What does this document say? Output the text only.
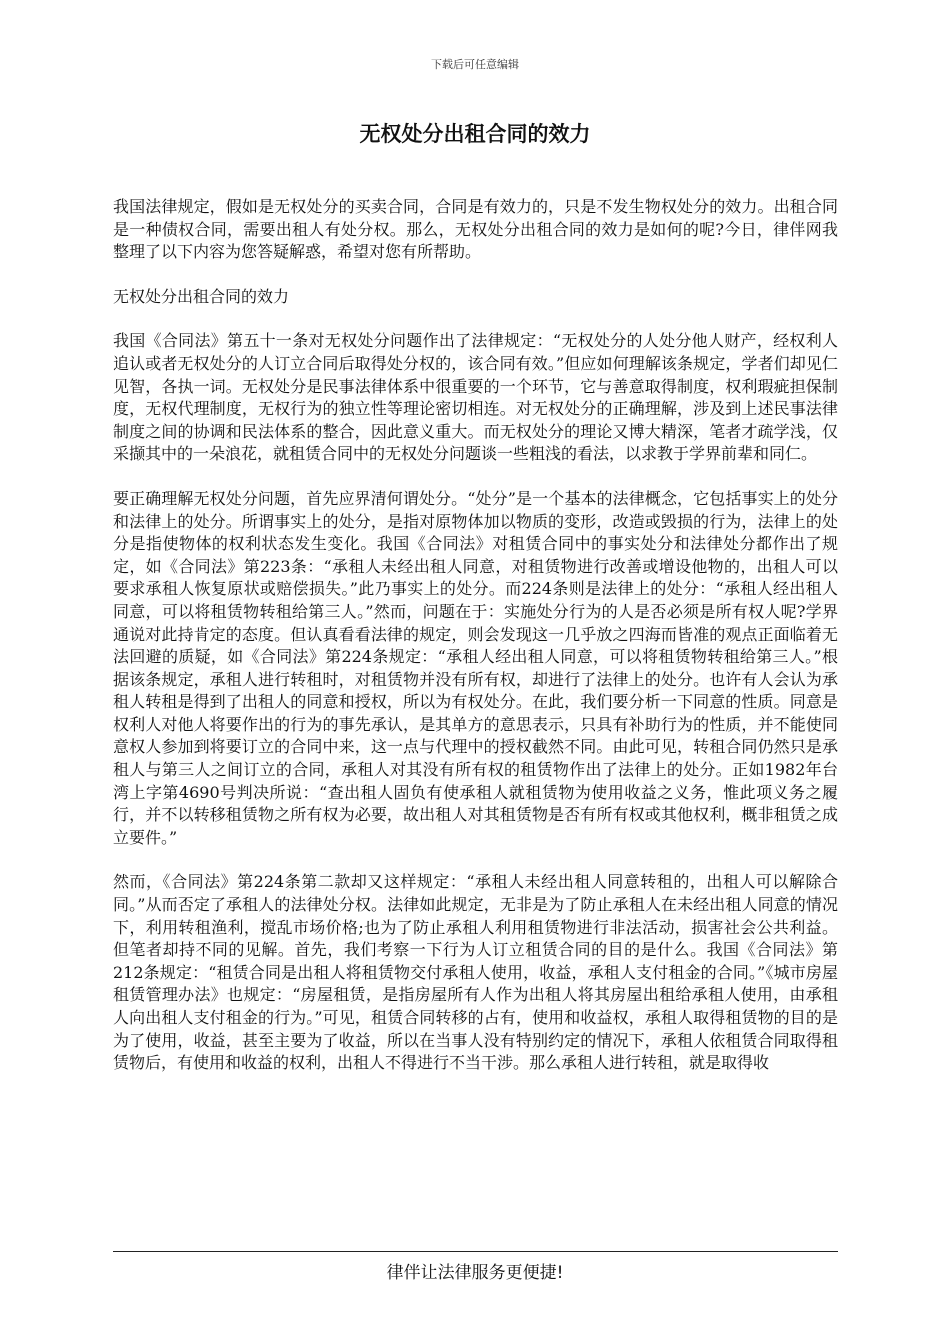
下载后可任意编辑
无权处分出租合同的效力

我国法律规定，假如是无权处分的买卖合同，合同是有效力的，只是不发生物权处分的效力。出租合同是一种债权合同，需要出租人有处分权。那么，无权处分出租合同的效力是如何的呢?今日，律伴网我整理了以下内容为您答疑解惑，希望对您有所帮助。

无权处分出租合同的效力

我国《合同法》第五十一条对无权处分问题作出了法律规定：“无权处分的人处分他人财产，经权利人追认或者无权处分的人订立合同后取得处分权的，该合同有效。”但应如何理解该条规定，学者们却见仁见智，各执一词。无权处分是民事法律体系中很重要的一个环节，它与善意取得制度，权利瑕疵担保制度，无权代理制度，无权行为的独立性等理论密切相连。对无权处分的正确理解，涉及到上述民事法律制度之间的协调和民法体系的整合，因此意义重大。而无权处分的理论又博大精深，笔者才疏学浅，仅采撷其中的一朵浪花，就租赁合同中的无权处分问题谈一些粗浅的看法，以求教于学界前辈和同仁。

要正确理解无权处分问题，首先应界清何谓处分。“处分”是一个基本的法律概念，它包括事实上的处分和法律上的处分。所谓事实上的处分，是指对原物体加以物质的变形，改造或毁损的行为，法律上的处分是指使物体的权利状态发生变化。我国《合同法》对租赁合同中的事实处分和法律处分都作出了规定，如《合同法》第223条：“承租人未经出租人同意，对租赁物进行改善或增设他物的，出租人可以要求承租人恢复原状或赔偿损失。”此乃事实上的处分。而224条则是法律上的处分：“承租人经出租人同意，可以将租赁物转租给第三人。”然而，问题在于：实施处分行为的人是否必须是所有权人呢?学界通说对此持肯定的态度。但认真看看法律的规定，则会发现这一几乎放之四海而皆准的观点正面临着无法回避的质疑，如《合同法》第224条规定：“承租人经出租人同意，可以将租赁物转租给第三人。”根据该条规定，承租人进行转租时，对租赁物并没有所有权，却进行了法律上的处分。也许有人会认为承租人转租是得到了出租人的同意和授权，所以为有权处分。在此，我们要分析一下同意的性质。同意是权利人对他人将要作出的行为的事先承认，是其单方的意思表示，只具有补助行为的性质，并不能使同意权人参加到将要订立的合同中来，这一点与代理中的授权截然不同。由此可见，转租合同仍然只是承租人与第三人之间订立的合同，承租人对其没有所有权的租赁物作出了法律上的处分。正如1982年台湾上字第4690号判决所说：“查出租人固负有使承租人就租赁物为使用收益之义务，惟此项义务之履行，并不以转移租赁物之所有权为必要，故出租人对其租赁物是否有所有权或其他权利，概非租赁之成立要件。”

然而，《合同法》第224条第二款却又这样规定：“承租人未经出租人同意转租的，出租人可以解除合同。”从而否定了承租人的法律处分权。法律如此规定，无非是为了防止承租人在未经出租人同意的情况下，利用转租渔利，搅乱市场价格;也为了防止承租人利用租赁物进行非法活动，损害社会公共利益。但笔者却持不同的见解。首先，我们考察一下行为人订立租赁合同的目的是什么。我国《合同法》第212条规定：“租赁合同是出租人将租赁物交付承租人使用，收益，承租人支付租金的合同。”《城市房屋租赁管理办法》也规定：“房屋租赁，是指房屋所有人作为出租人将其房屋出租给承租人使用，由承租人向出租人支付租金的行为。”可见，租赁合同转移的占有，使用和收益权，承租人取得租赁物的目的是为了使用，收益，甚至主要为了收益，所以在当事人没有特别约定的情况下，承租人依租赁合同取得租赁物后，有使用和收益的权利，出租人不得进行不当干涉。那么承租人进行转租，就是取得收

律伴让法律服务更便捷!
